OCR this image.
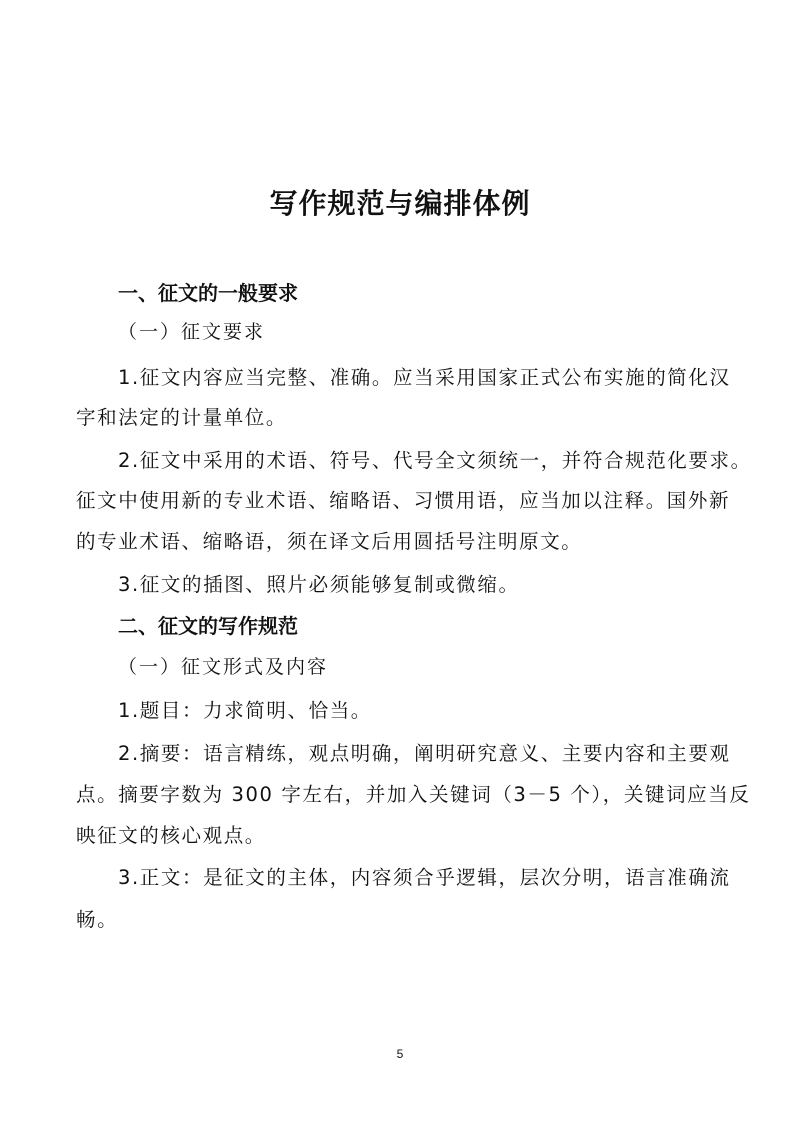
写作规范与编排体例
一、征文的一般要求
（一）征文要求
1.征文内容应当完整、准确。应当采用国家正式公布实施的简化汉
字和法定的计量单位。
2.征文中采用的术语、符号、代号全文须统一，并符合规范化要求。
征文中使用新的专业术语、缩略语、习惯用语，应当加以注释。国外新
的专业术语、缩略语，须在译文后用圆括号注明原文。
3.征文的插图、照片必须能够复制或微缩。
二、征文的写作规范
（一）征文形式及内容
1.题目：力求简明、恰当。
2.摘要：语言精练，观点明确，阐明研究意义、主要内容和主要观
点。摘要字数为 300 字左右，并加入关键词（3－5 个），关键词应当反
映征文的核心观点。
3.正文：是征文的主体，内容须合乎逻辑，层次分明，语言准确流
畅。
5
